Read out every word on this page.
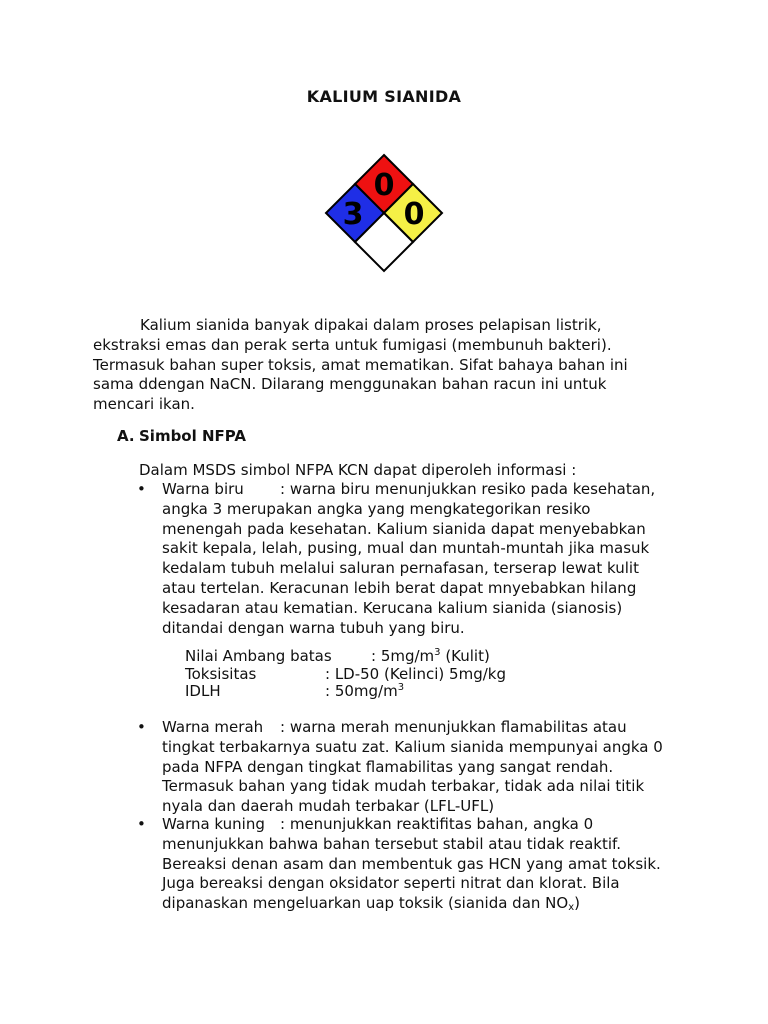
KALIUM SIANIDA
0
3 0

Kalium sianida banyak dipakai dalam proses pelapisan listrik, ekstraksi emas dan perak serta untuk fumigasi (membunuh bakteri). Termasuk bahan super toksis, amat mematikan. Sifat bahaya bahan ini sama ddengan NaCN. Dilarang menggunakan bahan racun ini untuk mencari ikan.

A. Simbol NFPA

Dalam MSDS simbol NFPA KCN dapat diperoleh informasi :

•	Warna biru : warna biru menunjukkan resiko pada kesehatan, angka 3 merupakan angka yang mengkategorikan resiko menengah pada kesehatan. Kalium sianida dapat menyebabkan sakit kepala, lelah, pusing, mual dan muntah-muntah jika masuk kedalam tubuh melalui saluran pernafasan, terserap lewat kulit atau tertelan. Keracunan lebih berat dapat mnyebabkan hilang kesadaran atau kematian. Kerucana kalium sianida (sianosis) ditandai dengan warna tubuh yang biru.

Nilai Ambang batas	: $5mg/m^3$ (Kulit)
Toksisitas	: LD-50 (Kelinci) 5mg/kg
IDLH	: $50mg/m^3$

•	Warna merah : warna merah menunjukkan flamabilitas atau tingkat terbakarnya suatu zat. Kalium sianida mempunyai angka 0 pada NFPA dengan tingkat flamabilitas yang sangat rendah. Termasuk bahan yang tidak mudah terbakar, tidak ada nilai titik nyala dan daerah mudah terbakar (LFL-UFL)

•	Warna kuning : menunjukkan reaktifitas bahan, angka 0 menunjukkan bahwa bahan tersebut stabil atau tidak reaktif. Bereaksi denan asam dan membentuk gas HCN yang amat toksik. Juga bereaksi dengan oksidator seperti nitrat dan klorat. Bila dipanaskan mengeluarkan uap toksik (sianida dan $NO_x$)
